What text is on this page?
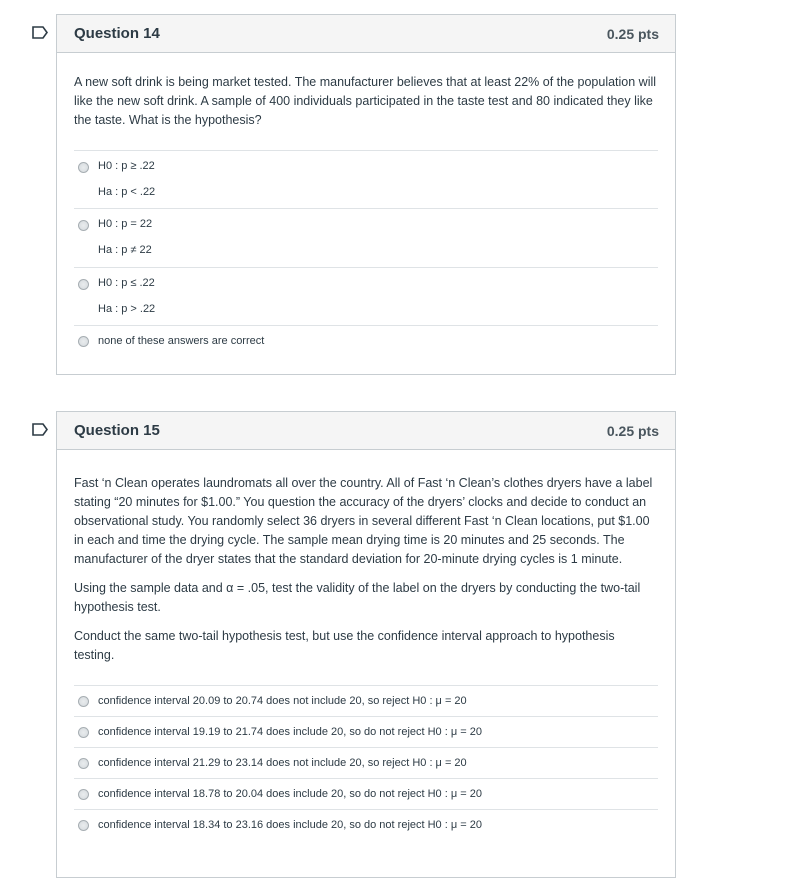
Question 14	0.25 pts

A new soft drink is being market tested. The manufacturer believes that at least 22% of the population will like the new soft drink. A sample of 400 individuals participated in the taste test and 80 indicated they like the taste. What is the hypothesis?

H0 : p ≥ .22
Ha : p < .22
H0 : p = 22
Ha : p ≠ 22
H0 : p ≤ .22
Ha : p > .22
none of these answers are correct
Question 15	0.25 pts

Fast ‘n Clean operates laundromats all over the country. All of Fast ‘n Clean’s clothes dryers have a label stating “20 minutes for $1.00.” You question the accuracy of the dryers’ clocks and decide to conduct an observational study. You randomly select 36 dryers in several different Fast ‘n Clean locations, put $1.00 in each and time the drying cycle. The sample mean drying time is 20 minutes and 25 seconds. The manufacturer of the dryer states that the standard deviation for 20-minute drying cycles is 1 minute.

Using the sample data and α = .05, test the validity of the label on the dryers by conducting the two-tail hypothesis test.

Conduct the same two-tail hypothesis test, but use the confidence interval approach to hypothesis testing.

confidence interval 20.09 to 20.74 does not include 20, so reject H0 : μ = 20
confidence interval 19.19 to 21.74 does include 20, so do not reject H0 : μ = 20
confidence interval 21.29 to 23.14 does not include 20, so reject H0 : μ = 20
confidence interval 18.78 to 20.04 does include 20, so do not reject H0 : μ = 20
confidence interval 18.34 to 23.16 does include 20, so do not reject H0 : μ = 20
